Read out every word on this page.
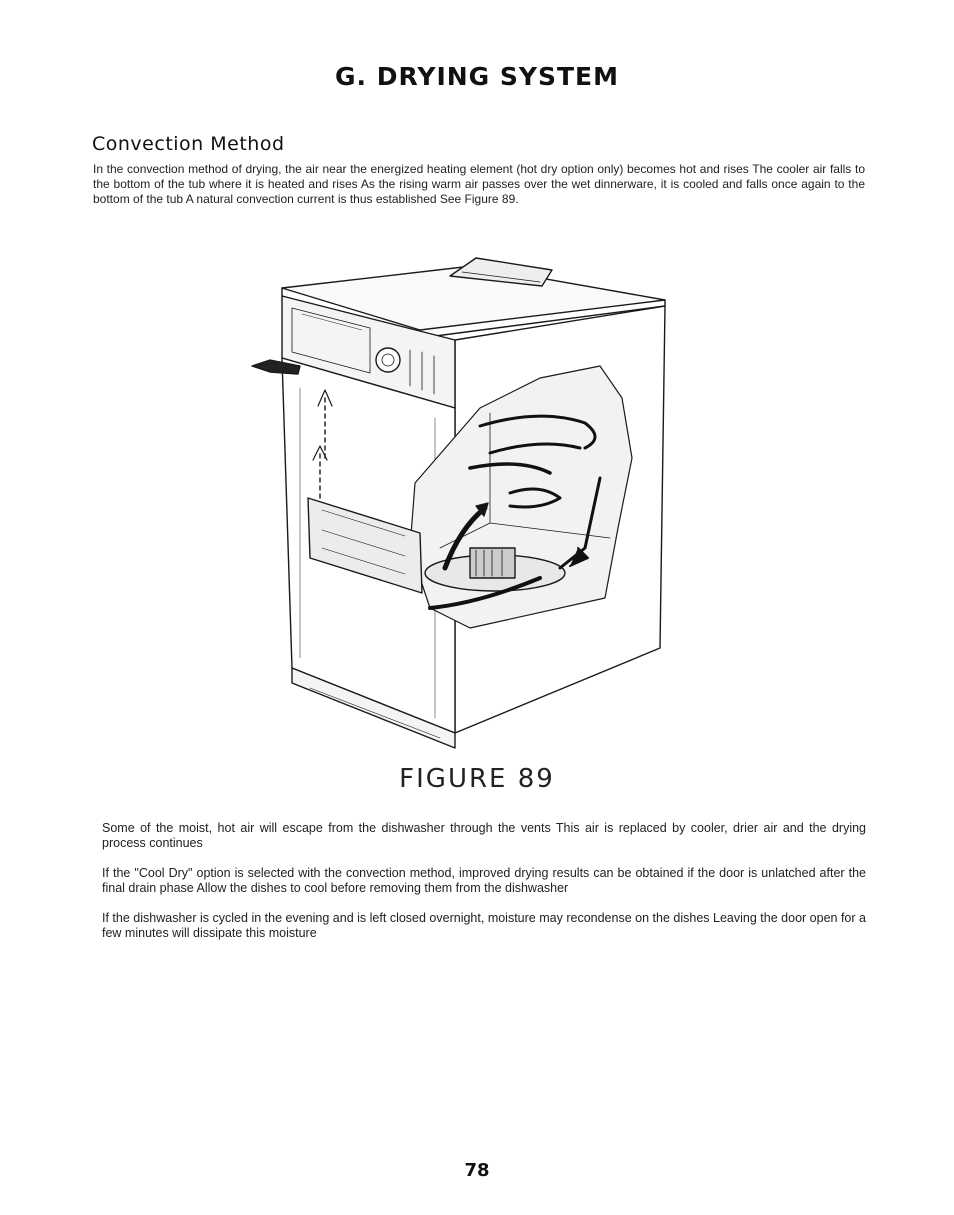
G. DRYING SYSTEM
Convection Method
In the convection method of drying, the air near the energized heating element (hot dry option only) becomes hot and rises The cooler air falls to the bottom of the tub where it is heated and rises As the rising warm air passes over the wet dinnerware, it is cooled and falls once again to the bottom of the tub A natural convection current is thus established See Figure 89.
FIGURE 89
Some of the moist, hot air will escape from the dishwasher through the vents This air is replaced by cooler, drier air and the drying process continues
If the "Cool Dry" option is selected with the convection method, improved drying results can be obtained if the door is unlatched after the final drain phase Allow the dishes to cool before removing them from the dishwasher
If the dishwasher is cycled in the evening and is left closed overnight, moisture may recondense on the dishes Leaving the door open for a few minutes will dissipate this moisture
78
